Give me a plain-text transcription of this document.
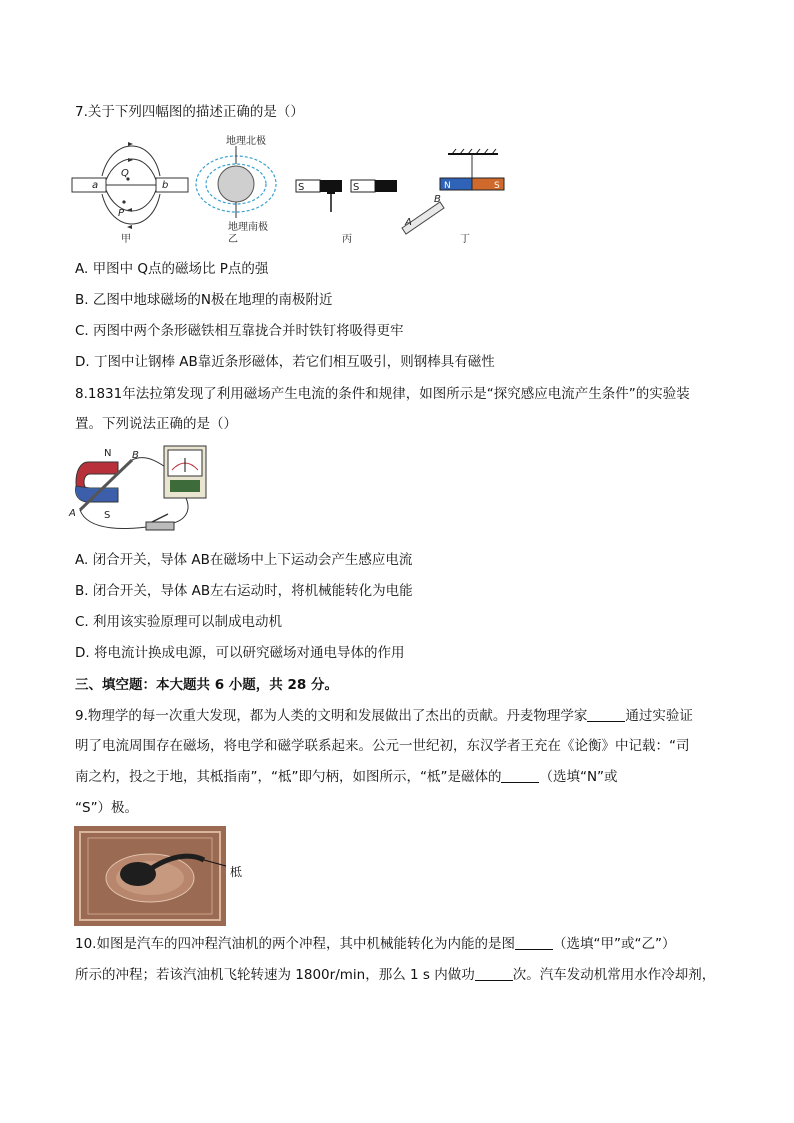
7.关于下列四幅图的描述正确的是（）
a	b
Q
P
甲
地理北极
地理南极
乙
S	S
丙
N	S
A
B
丁
A. 甲图中 Q点的磁场比 P点的强
B. 乙图中地球磁场的N极在地理的南极附近
C. 丙图中两个条形磁铁相互靠拢合并时铁钉将吸得更牢
D. 丁图中让钢棒 AB靠近条形磁体，若它们相互吸引，则钢棒具有磁性
8.1831年法拉第发现了利用磁场产生电流的条件和规律，如图所示是“探究感应电流产生条件”的实验装
置。下列说法正确的是（）
N
S
A
B
A. 闭合开关，导体 AB在磁场中上下运动会产生感应电流
B. 闭合开关，导体 AB左右运动时，将机械能转化为电能
C. 利用该实验原理可以制成电动机
D. 将电流计换成电源，可以研究磁场对通电导体的作用
三、填空题：本大题共 6 小题，共 28 分。
9.物理学的每一次重大发现，都为人类的文明和发展做出了杰出的贡献。丹麦物理学家	通过实验证
明了电流周围存在磁场，将电学和磁学联系起来。公元一世纪初，东汉学者王充在《论衡》中记载：“司
南之杓，投之于地，其柢指南”，“柢”即勺柄，如图所示，“柢”是磁体的	（选填“N”或
“S”）极。
柢
10.如图是汽车的四冲程汽油机的两个冲程，其中机械能转化为内能的是图	（选填“甲”或“乙”）
所示的冲程；若该汽油机飞轮转速为 1800r/min，那么 1 s 内做功	次。汽车发动机常用水作冷却剂，
